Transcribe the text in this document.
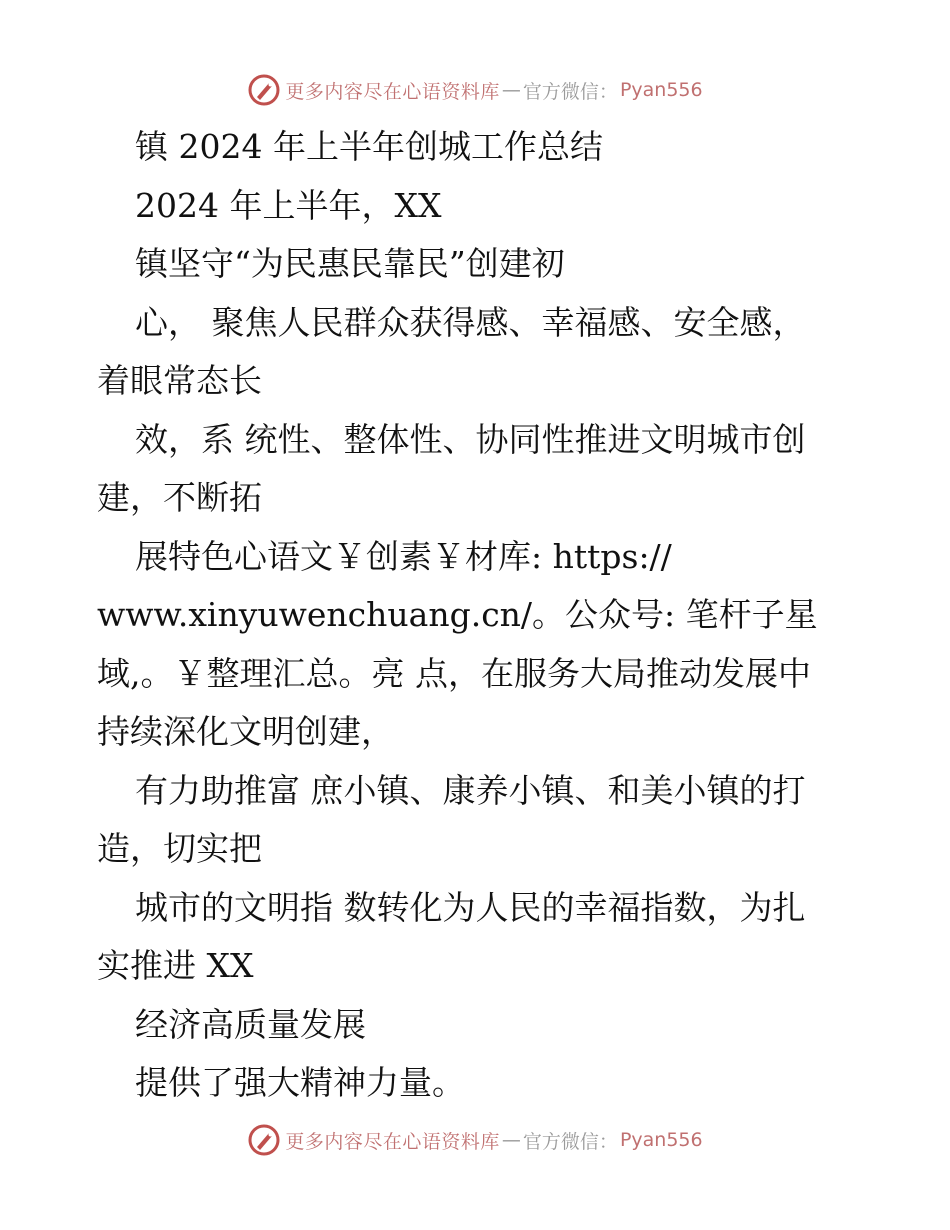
更多内容尽在心语资料库 — 官方微信： Pyan556
镇 2024 年上半年创城工作总结
2024 年上半年，XX
镇坚守“为民惠民靠民”创建初
心， 聚焦人民群众获得感、幸福感、安全感，
着眼常态长
效，系 统性、整体性、协同性推进文明城市创
建，不断拓
展特色心语文￥创素￥材库: https://
www.xinyuwenchuang.cn/。公众号: 笔杆子星
域,。￥整理汇总。亮 点，在服务大局推动发展中
持续深化文明创建，
有力助推富 庶小镇、康养小镇、和美小镇的打
造，切实把
城市的文明指 数转化为人民的幸福指数，为扎
实推进 XX
经济高质量发展
提供了强大精神力量。
更多内容尽在心语资料库 — 官方微信： Pyan556
